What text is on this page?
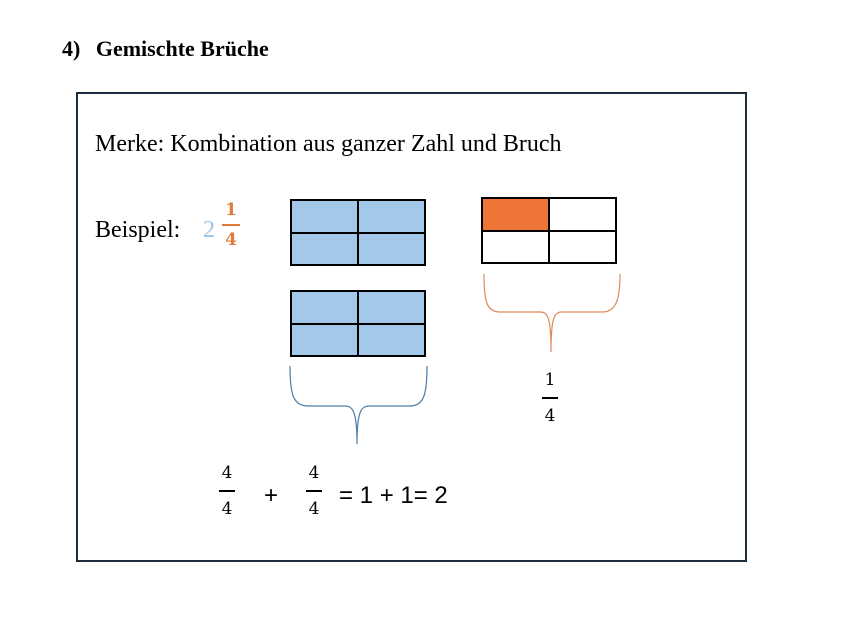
4) Gemischte Brüche
Merke: Kombination aus ganzer Zahl und Bruch
Beispiel: 2
1
4
1
4
4
4 +
4
4 = 1 + 1= 2
